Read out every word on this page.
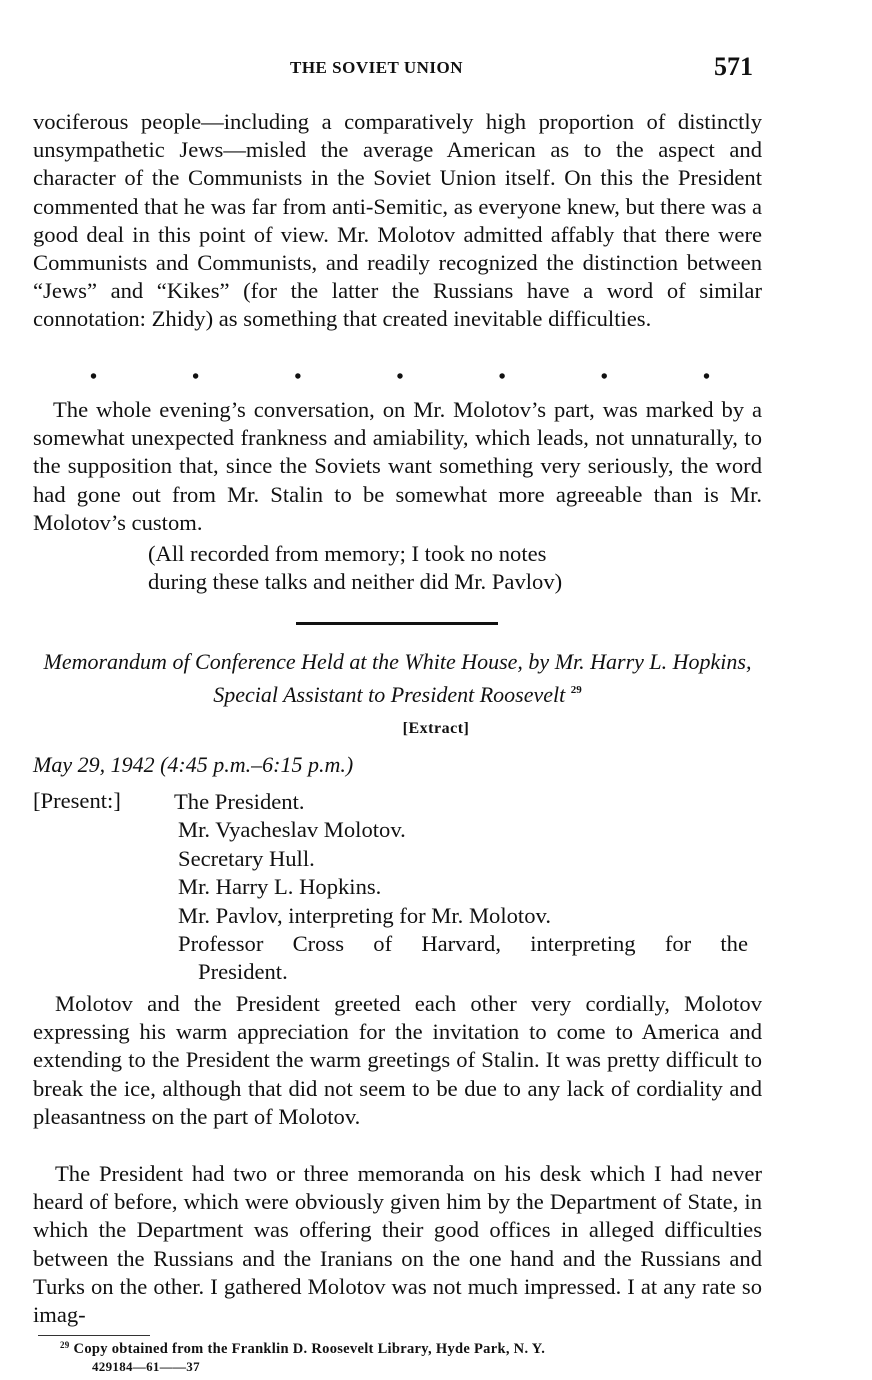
THE SOVIET UNION	571
vociferous people—including a comparatively high proportion of distinctly unsympathetic Jews—misled the average American as to the aspect and character of the Communists in the Soviet Union itself. On this the President commented that he was far from anti-Semitic, as everyone knew, but there was a good deal in this point of view. Mr. Molotov admitted affably that there were Communists and Communists, and readily recognized the distinction between “Jews” and “Kikes” (for the latter the Russians have a word of similar connotation: Zhidy) as something that created inevitable difficulties.
•	•	•	•	•	•	•
The whole evening’s conversation, on Mr. Molotov’s part, was marked by a somewhat unexpected frankness and amiability, which leads, not unnaturally, to the supposition that, since the Soviets want something very seriously, the word had gone out from Mr. Stalin to be somewhat more agreeable than is Mr. Molotov’s custom.
(All recorded from memory; I took no notes
during these talks and neither did Mr. Pavlov)
Memorandum of Conference Held at the White House, by Mr. Harry L. Hopkins, Special Assistant to President Roosevelt $^{29}$
[Extract]
May 29, 1942 (4:45 p.m.–6:15 p.m.)
[Present:] The President.
Mr. Vyacheslav Molotov.
Secretary Hull.
Mr. Harry L. Hopkins.
Mr. Pavlov, interpreting for Mr. Molotov.
Professor Cross of Harvard, interpreting for the
President.
Molotov and the President greeted each other very cordially, Molotov expressing his warm appreciation for the invitation to come to America and extending to the President the warm greetings of Stalin. It was pretty difficult to break the ice, although that did not seem to be due to any lack of cordiality and pleasantness on the part of Molotov.
The President had two or three memoranda on his desk which I had never heard of before, which were obviously given him by the Department of State, in which the Department was offering their good offices in alleged difficulties between the Russians and the Iranians on the one hand and the Russians and Turks on the other. I gathered Molotov was not much impressed. I at any rate so imag-
$^{29}$ Copy obtained from the Franklin D. Roosevelt Library, Hyde Park, N. Y.
429184—61——37
